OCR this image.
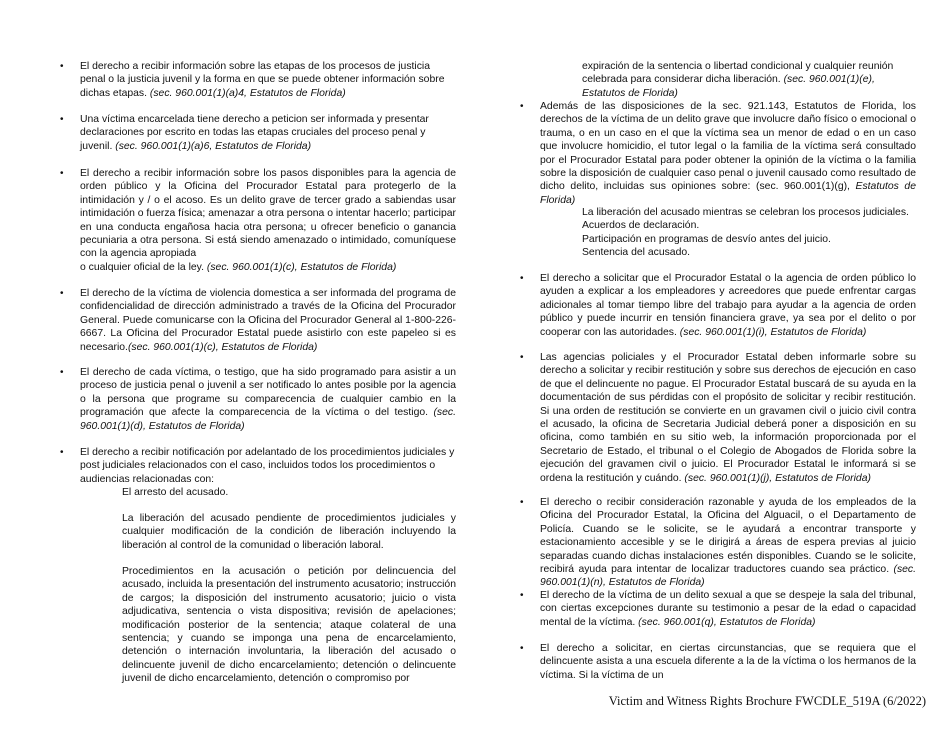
• El derecho a recibir información sobre las etapas de los procesos de justicia penal o la justicia juvenil y la forma en que se puede obtener información sobre dichas etapas. (sec. 960.001(1)(a)4, Estatutos de Florida)
• Una víctima encarcelada tiene derecho a peticion ser informada y presentar declaraciones por escrito en todas las etapas cruciales del proceso penal y juvenil. (sec. 960.001(1)(a)6, Estatutos de Florida)
• El derecho a recibir información sobre los pasos disponibles para la agencia de orden público y la Oficina del Procurador Estatal para protegerlo de la intimidación y / o el acoso. Es un delito grave de tercer grado a sabiendas usar intimidación o fuerza física; amenazar a otra persona o intentar hacerlo; participar en una conducta engañosa hacia otra persona; u ofrecer beneficio o ganancia pecuniaria a otra persona. Si está siendo amenazado o intimidado, comuníquese con la agencia apropiada
o cualquier oficial de la ley. (sec. 960.001(1)(c), Estatutos de Florida)
• El derecho de la víctima de violencia domestica a ser informada del programa de confidencialidad de dirección administrado a través de la Oficina del Procurador General. Puede comunicarse con la Oficina del Procurador General al 1-800-226-6667. La Oficina del Procurador Estatal puede asistirlo con este papeleo si es necesario.(sec. 960.001(1)(c), Estatutos de Florida)
• El derecho de cada víctima, o testigo, que ha sido programado para asistir a un proceso de justicia penal o juvenil a ser notificado lo antes posible por la agencia o la persona que programe su comparecencia de cualquier cambio en la programación que afecte la comparecencia de la víctima o del testigo. (sec. 960.001(1)(d), Estatutos de Florida)
• El derecho a recibir notificación por adelantado de los procedimientos judiciales y post judiciales relacionados con el caso, incluidos todos los procedimientos o audiencias relacionadas con:

El arresto del acusado.

La liberación del acusado pendiente de procedimientos judiciales y cualquier modificación de la condición de liberación incluyendo la liberación al control de la comunidad o liberación laboral.

Procedimientos en la acusación o petición por delincuencia del acusado, incluida la presentación del instrumento acusatorio; instrucción de cargos; la disposición del instrumento acusatorio; juicio o vista adjudicativa, sentencia o vista dispositiva; revisión de apelaciones; modificación posterior de la sentencia; ataque colateral de una sentencia; y cuando se imponga una pena de encarcelamiento, detención o internación involuntaria, la liberación del acusado o delincuente juvenil de dicho encarcelamiento; detención o delincuente juvenil de dicho encarcelamiento, detención o compromiso por

expiración de la sentencia o libertad condicional y cualquier reunión celebrada para considerar dicha liberación. (sec. 960.001(1)(e), Estatutos de Florida)

• Además de las disposiciones de la sec. 921.143, Estatutos de Florida, los derechos de la víctima de un delito grave que involucre daño físico o emocional o trauma, o en un caso en el que la víctima sea un menor de edad o en un caso que involucre homicidio, el tutor legal o la familia de la víctima será consultado por el Procurador Estatal para poder obtener la opinión de la víctima o la familia sobre la disposición de cualquier caso penal o juvenil causado como resultado de dicho delito, incluidas sus opiniones sobre: (sec. 960.001(1)(g), Estatutos de Florida)

La liberación del acusado mientras se celebran los procesos judiciales.

Acuerdos de declaración.

Participación en programas de desvío antes del juicio.

Sentencia del acusado.

• El derecho a solicitar que el Procurador Estatal o la agencia de orden público lo ayuden a explicar a los empleadores y acreedores que puede enfrentar cargas adicionales al tomar tiempo libre del trabajo para ayudar a la agencia de orden público y puede incurrir en tensión financiera grave, ya sea por el delito o por cooperar con las autoridades. (sec. 960.001(1)(i), Estatutos de Florida)
• Las agencias policiales y el Procurador Estatal deben informarle sobre su derecho a solicitar y recibir restitución y sobre sus derechos de ejecución en caso de que el delincuente no pague. El Procurador Estatal buscará de su ayuda en la documentación de sus pérdidas con el propósito de solicitar y recibir restitución. Si una orden de restitución se convierte en un gravamen civil o juicio civil contra el acusado, la oficina de Secretaria Judicial deberá poner a disposición en su oficina, como también en su sitio web, la información proporcionada por el Secretario de Estado, el tribunal o el Colegio de Abogados de Florida sobre la ejecución del gravamen civil o juicio. El Procurador Estatal le informará si se ordena la restitución y cuándo. (sec. 960.001(1)(j), Estatutos de Florida)
• El derecho o recibir consideración razonable y ayuda de los empleados de la Oficina del Procurador Estatal, la Oficina del Alguacil, o el Departamento de Policía. Cuando se le solicite, se le ayudará a encontrar transporte y estacionamiento accesible y se le dirigirá a áreas de espera previas al juicio separadas cuando dichas instalaciones estén disponibles. Cuando se le solicite, recibirá ayuda para intentar de localizar traductores cuando sea práctico. (sec. 960.001(1)(n), Estatutos de Florida)
• El derecho de la víctima de un delito sexual a que se despeje la sala del tribunal, con ciertas excepciones durante su testimonio a pesar de la edad o capacidad mental de la víctima. (sec. 960.001(q), Estatutos de Florida)
• El derecho a solicitar, en ciertas circunstancias, que se requiera que el delincuente asista a una escuela diferente a la de la víctima o los hermanos de la víctima. Si la víctima de un
Victim and Witness Rights Brochure FWCDLE_519A (6/2022)
